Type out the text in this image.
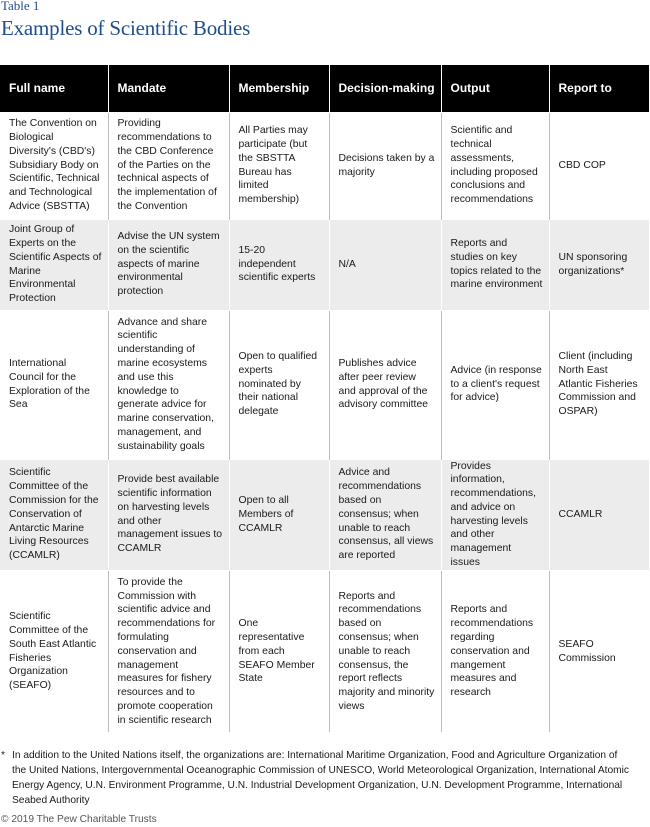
Table 1
Examples of Scientific Bodies
Full name	Mandate	Membership	Decision-making	Output	Report to
The Convention on Biological Diversity's (CBD's) Subsidiary Body on Scientific, Technical and Technological Advice (SBSTTA)	Providing recommendations to the CBD Conference of the Parties on the technical aspects of the implementation of the Convention	All Parties may participate (but the SBSTTA Bureau has limited membership)	Decisions taken by a majority	Scientific and technical assessments, including proposed conclusions and recommendations	CBD COP
Joint Group of Experts on the Scientific Aspects of Marine Environmental Protection	Advise the UN system on the scientific aspects of marine environmental protection	15-20 independent scientific experts	N/A	Reports and studies on key topics related to the marine environment	UN sponsoring organizations*
International Council for the Exploration of the Sea	Advance and share scientific understanding of marine ecosystems and use this knowledge to generate advice for marine conservation, management, and sustainability goals	Open to qualified experts nominated by their national delegate	Publishes advice after peer review and approval of the advisory committee	Advice (in response to a client's request for advice)	Client (including North East Atlantic Fisheries Commission and OSPAR)
Scientific Committee of the Commission for the Conservation of Antarctic Marine Living Resources (CCAMLR)	Provide best available scientific information on harvesting levels and other management issues to CCAMLR	Open to all Members of CCAMLR	Advice and recommendations based on consensus; when unable to reach consensus, all views are reported	Provides information, recommendations, and advice on harvesting levels and other management issues	CCAMLR
Scientific Committee of the South East Atlantic Fisheries Organization (SEAFO)	To provide the Commission with scientific advice and recommendations for formulating conservation and management measures for fishery resources and to promote cooperation in scientific research	One representative from each SEAFO Member State	Reports and recommendations based on consensus; when unable to reach consensus, the report reflects majority and minority views	Reports and recommendations regarding conservation and mangement measures and research	SEAFO Commission
* In addition to the United Nations itself, the organizations are: International Maritime Organization, Food and Agriculture Organization of the United Nations, Intergovernmental Oceanographic Commission of UNESCO, World Meteorological Organization, International Atomic Energy Agency, U.N. Environment Programme, U.N. Industrial Development Organization, U.N. Development Programme, International Seabed Authority
© 2019 The Pew Charitable Trusts
